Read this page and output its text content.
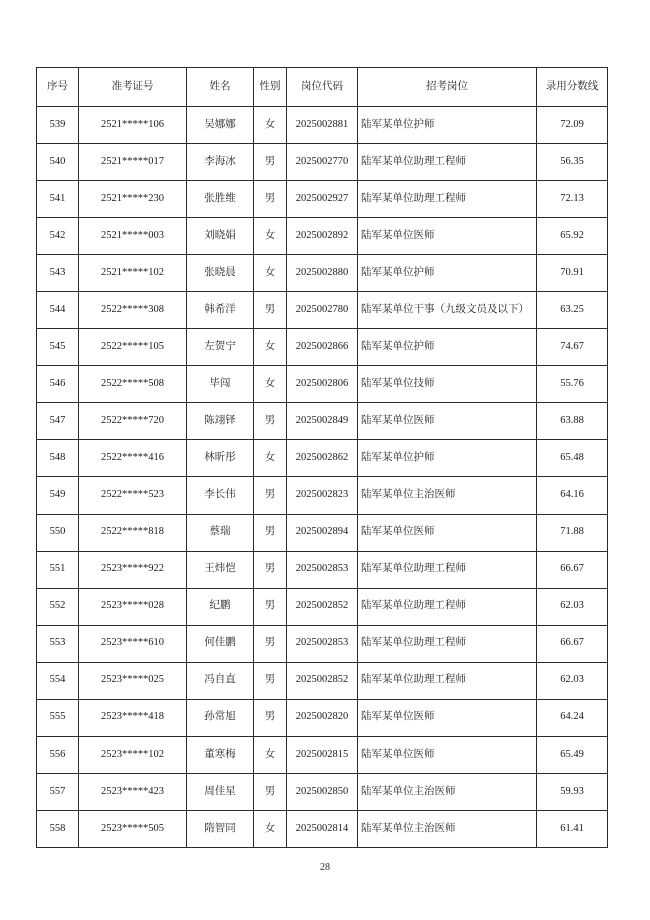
序号	准考证号	姓名	性别	岗位代码	招考岗位	录用分数线
539	2521*****106	吴娜娜	女	2025002881	陆军某单位护师	72.09
540	2521*****017	李海冰	男	2025002770	陆军某单位助理工程师	56.35
541	2521*****230	张胜维	男	2025002927	陆军某单位助理工程师	72.13
542	2521*****003	刘晓娟	女	2025002892	陆军某单位医师	65.92
543	2521*****102	张晓晨	女	2025002880	陆军某单位护师	70.91
544	2522*****308	韩希洋	男	2025002780	陆军某单位干事（九级文员及以下）	63.25
545	2522*****105	左贺宁	女	2025002866	陆军某单位护师	74.67
546	2522*****508	毕闯	女	2025002806	陆军某单位技师	55.76
547	2522*****720	陈翊铎	男	2025002849	陆军某单位医师	63.88
548	2522*****416	林昕彤	女	2025002862	陆军某单位护师	65.48
549	2522*****523	李长伟	男	2025002823	陆军某单位主治医师	64.16
550	2522*****818	蔡瑞	男	2025002894	陆军某单位医师	71.88
551	2523*****922	王炜恺	男	2025002853	陆军某单位助理工程师	66.67
552	2523*****028	纪鹏	男	2025002852	陆军某单位助理工程师	62.03
553	2523*****610	何佳鹏	男	2025002853	陆军某单位助理工程师	66.67
554	2523*****025	冯自直	男	2025002852	陆军某单位助理工程师	62.03
555	2523*****418	孙常旭	男	2025002820	陆军某单位医师	64.24
556	2523*****102	董寒梅	女	2025002815	陆军某单位医师	65.49
557	2523*****423	周佳星	男	2025002850	陆军某单位主治医师	59.93
558	2523*****505	隋智同	女	2025002814	陆军某单位主治医师	61.41
28
